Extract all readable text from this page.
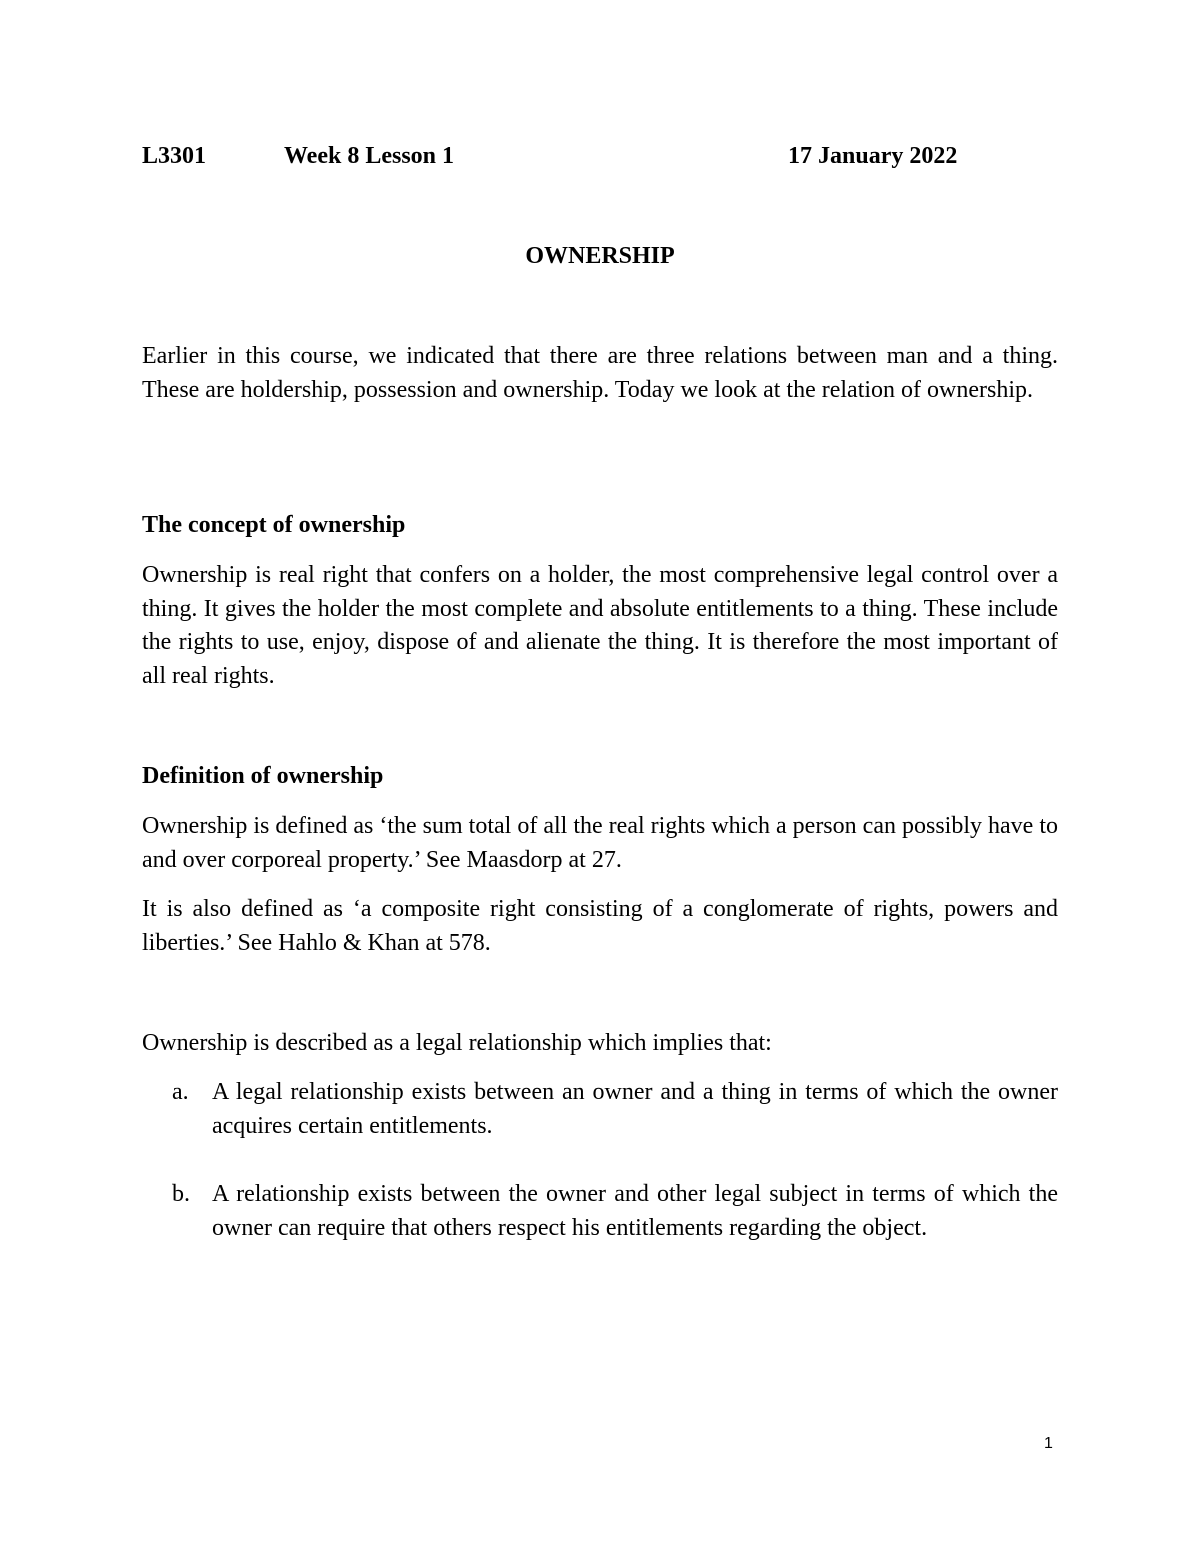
L3301	Week 8 Lesson 1	17 January 2022
OWNERSHIP

Earlier in this course, we indicated that there are three relations between man and a thing. These are holdership, possession and ownership. Today we look at the relation of ownership.

The concept of ownership

Ownership is real right that confers on a holder, the most comprehensive legal control over a thing. It gives the holder the most complete and absolute entitlements to a thing. These include the rights to use, enjoy, dispose of and alienate the thing. It is therefore the most important of all real rights.

Definition of ownership

Ownership is defined as ‘the sum total of all the real rights which a person can possibly have to and over corporeal property.’ See Maasdorp at 27.

It is also defined as ‘a composite right consisting of a conglomerate of rights, powers and liberties.’ See Hahlo & Khan at 578.

Ownership is described as a legal relationship which implies that:

a. A legal relationship exists between an owner and a thing in terms of which the owner acquires certain entitlements.
b. A relationship exists between the owner and other legal subject in terms of which the owner can require that others respect his entitlements regarding the object.
1
